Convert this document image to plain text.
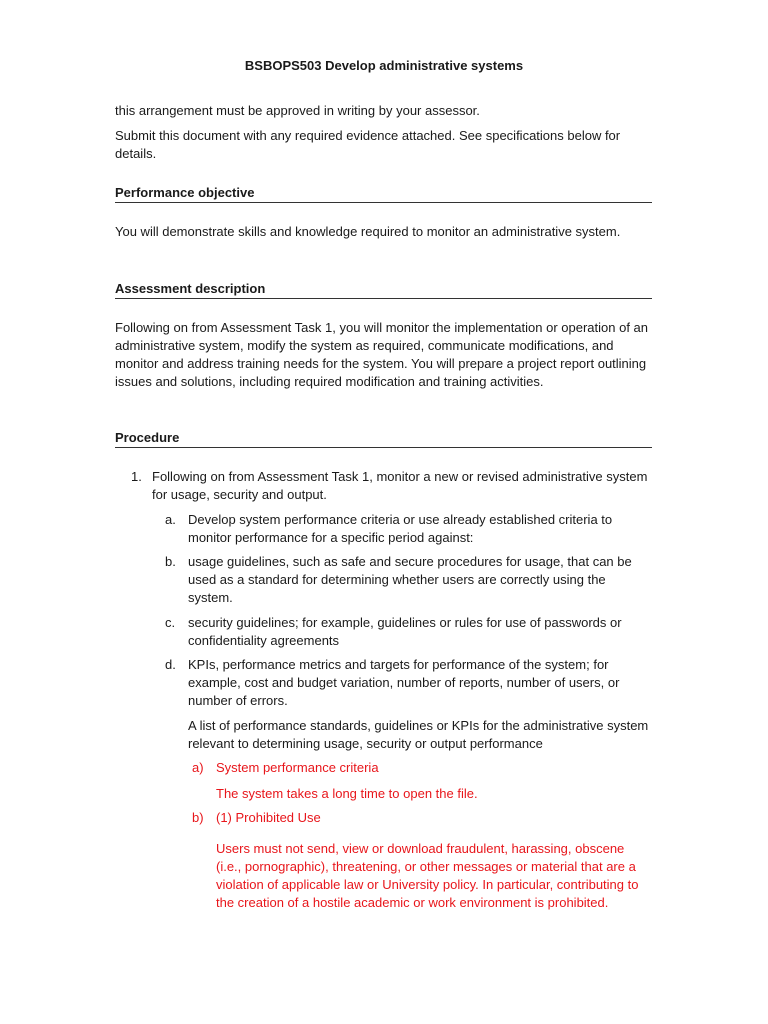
BSBOPS503 Develop administrative systems
this arrangement must be approved in writing by your assessor.
Submit this document with any required evidence attached. See specifications below for details.
Performance objective
You will demonstrate skills and knowledge required to monitor an administrative system.
Assessment description
Following on from Assessment Task 1, you will monitor the implementation or operation of an administrative system, modify the system as required, communicate modifications, and monitor and address training needs for the system. You will prepare a project report outlining issues and solutions, including required modification and training activities.
Procedure
1. Following on from Assessment Task 1, monitor a new or revised administrative system for usage, security and output.
a. Develop system performance criteria or use already established criteria to monitor performance for a specific period against:
b. usage guidelines, such as safe and secure procedures for usage, that can be used as a standard for determining whether users are correctly using the system.
c. security guidelines; for example, guidelines or rules for use of passwords or confidentiality agreements
d. KPIs, performance metrics and targets for performance of the system; for example, cost and budget variation, number of reports, number of users, or number of errors.
A list of performance standards, guidelines or KPIs for the administrative system relevant to determining usage, security or output performance
a) System performance criteria
The system takes a long time to open the file.
b) (1) Prohibited Use
Users must not send, view or download fraudulent, harassing, obscene (i.e., pornographic), threatening, or other messages or material that are a violation of applicable law or University policy. In particular, contributing to the creation of a hostile academic or work environment is prohibited.
